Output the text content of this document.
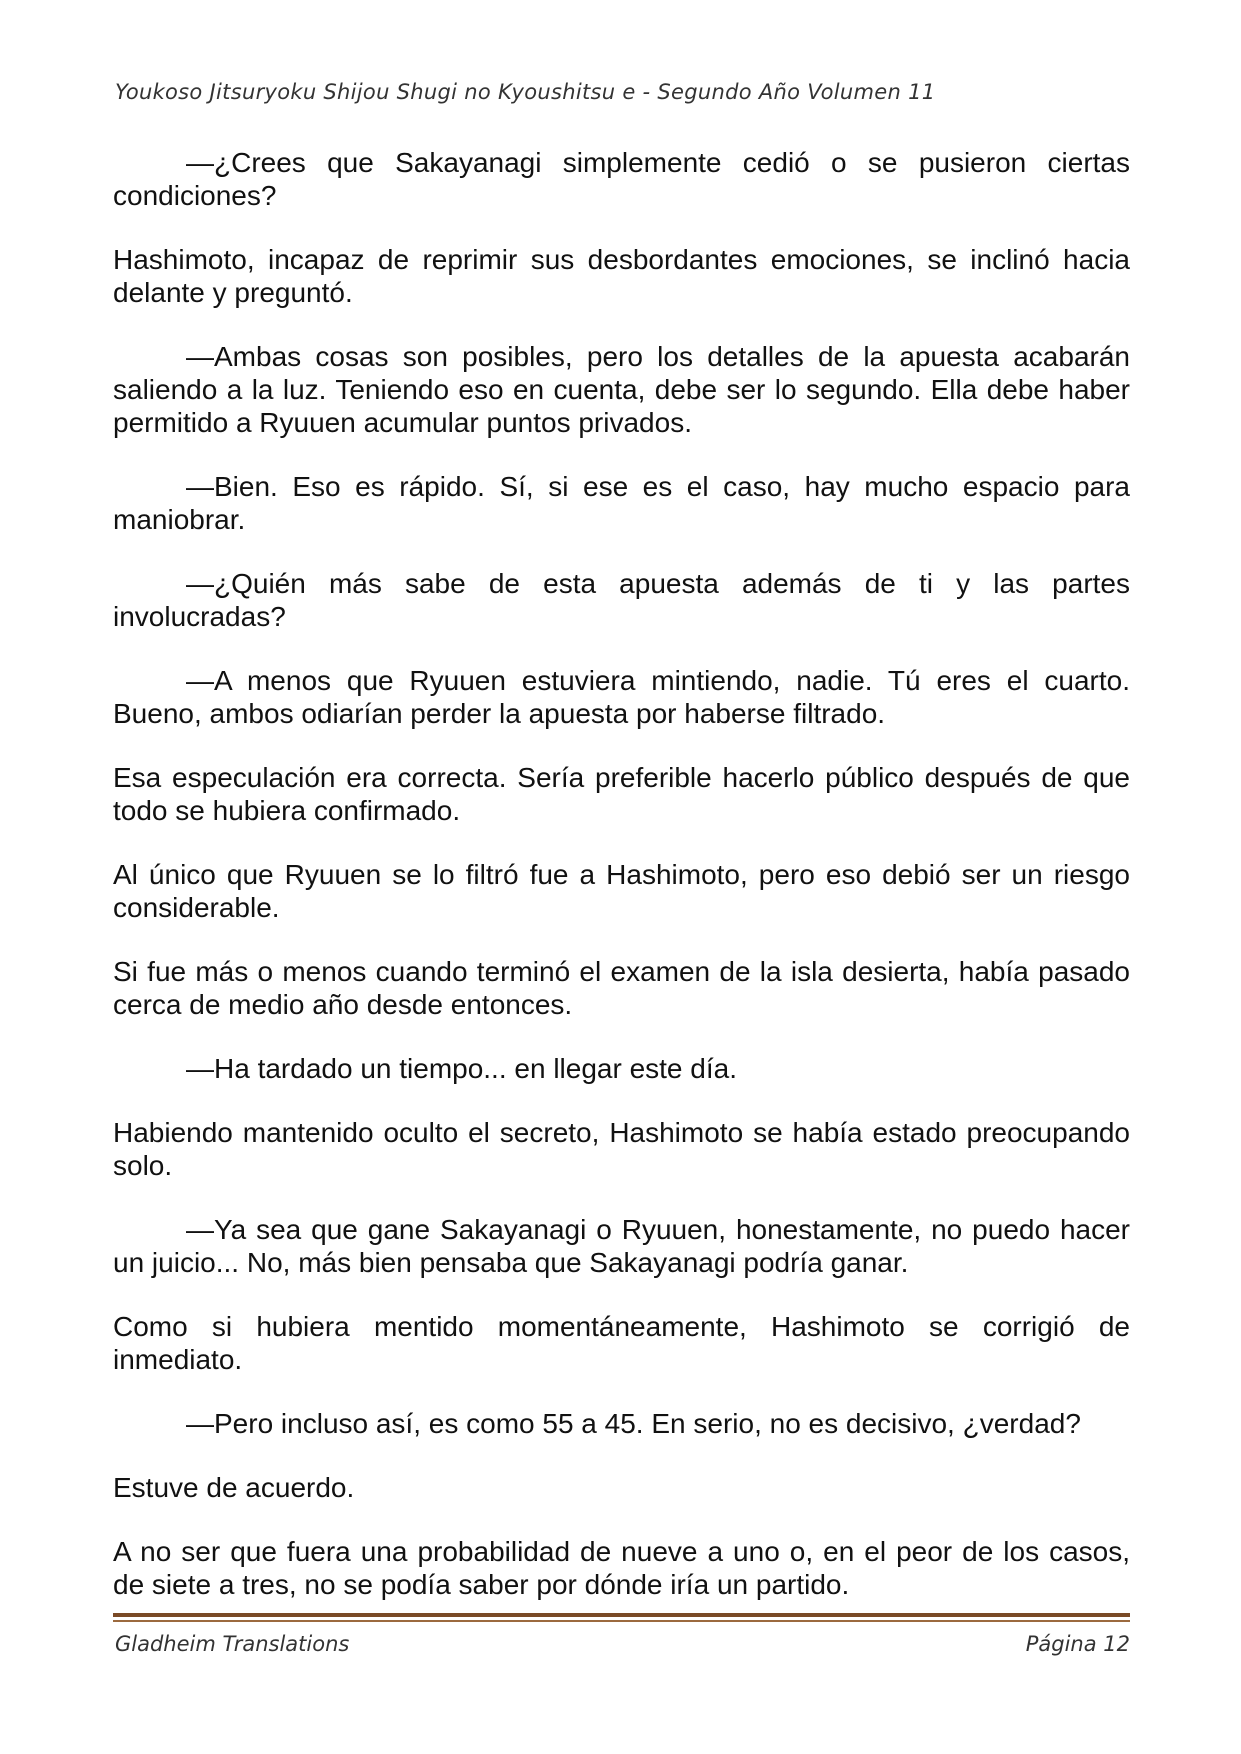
Youkoso Jitsuryoku Shijou Shugi no Kyoushitsu e - Segundo Año Volumen 11

—¿Crees que Sakayanagi simplemente cedió o se pusieron ciertas condiciones?

Hashimoto, incapaz de reprimir sus desbordantes emociones, se inclinó hacia delante y preguntó.

—Ambas cosas son posibles, pero los detalles de la apuesta acabarán saliendo a la luz. Teniendo eso en cuenta, debe ser lo segundo. Ella debe haber permitido a Ryuuen acumular puntos privados.

—Bien. Eso es rápido. Sí, si ese es el caso, hay mucho espacio para maniobrar.

—¿Quién más sabe de esta apuesta además de ti y las partes involucradas?

—A menos que Ryuuen estuviera mintiendo, nadie. Tú eres el cuarto. Bueno, ambos odiarían perder la apuesta por haberse filtrado.

Esa especulación era correcta. Sería preferible hacerlo público después de que todo se hubiera confirmado.

Al único que Ryuuen se lo filtró fue a Hashimoto, pero eso debió ser un riesgo considerable.

Si fue más o menos cuando terminó el examen de la isla desierta, había pasado cerca de medio año desde entonces.

—Ha tardado un tiempo... en llegar este día.

Habiendo mantenido oculto el secreto, Hashimoto se había estado preocupando solo.

—Ya sea que gane Sakayanagi o Ryuuen, honestamente, no puedo hacer un juicio... No, más bien pensaba que Sakayanagi podría ganar.

Como si hubiera mentido momentáneamente, Hashimoto se corrigió de inmediato.

—Pero incluso así, es como 55 a 45. En serio, no es decisivo, ¿verdad?

Estuve de acuerdo.

A no ser que fuera una probabilidad de nueve a uno o, en el peor de los casos, de siete a tres, no se podía saber por dónde iría un partido.

Gladheim Translations	Página 12
